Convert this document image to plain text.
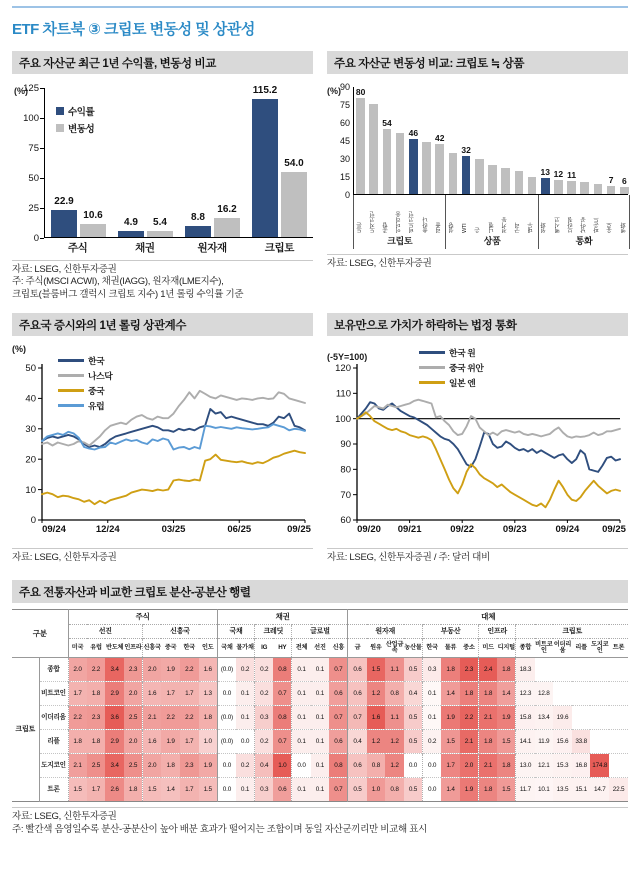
ETF 차트북 ③ 크립토 변동성 및 상관성
주요 자산군 최근 1년 수익률, 변동성 비교
(%)
수익률
변동성
0
25
50
75
100
125
22.9
10.6
4.9 5.4 8.8
16.2
115.2
54.0
주식	채권	원자재	크립토
자료: LSEG, 신한투자증권
주: 주식(MSCI ACWI), 채권(IAGG), 원자재(LME지수),
크립토(블룸버그 갤럭시 크립토 지수) 1년 롤링 수익률 기준
주요 자산군 변동성 비교: 크립토 ≒ 상품
(%)
0
15
30
45
60
75
90 80
54
46 42
32
13 12 11	7 6
트론 도지코인 종합 이더리움 비트코인 솔라나 리플
크립토
설탕 WTI 은 니켈 전기동 구리 대두
상품
원화 멕시코 브라질 남아공 파운드 유로 엔화
통화
자료: LSEG, 신한투자증권
주요국 증시와의 1년 롤링 상관계수
(%)
한국
나스닥
중국
유럽
0
10
20
30
40
50
09/24	12/24	03/25	06/25	09/25
자료: LSEG, 신한투자증권
보유만으로 가치가 하락하는 법정 통화
(-5Y=100)	한국 원
중국 위안
일본 엔
60
70
80
90
100
110
120
09/20 09/21	09/22	09/23	09/24 09/25
자료: LSEG, 신한투자증권 / 주: 달러 대비
주요 전통자산과 비교한 크립토 분산-공분산 행렬
구분		주식								채권							대체														
		선진				신흥국				국채		크레딧		글로벌			원자재				부동산			인프라		크립토					
		미국	유럽	반도체	인프라	신흥국	중국	한국	인도	국채	물가채	IG	HY	전체	선진	신흥	금	원유	산업금속	농산물	한국	물류	중소	미드	디지털	종합	비트코인	이더리움	리플	도지코인	트론
크립토	종합	2.0	2.2	3.4	2.3	2.0	1.9	2.2	1.6	(0.0)	0.2	0.2	0.8	0.1	0.1	0.7	0.6	1.5	1.1	0.5	0.3	1.8	2.3	2.4	1.8	18.3					
	비트코인	1.7	1.8	2.9	2.0	1.6	1.7	1.7	1.3	0.0	0.1	0.2	0.7	0.1	0.1	0.6	0.6	1.2	0.8	0.4	0.1	1.4	1.8	1.8	1.4	12.3	12.8				
	이더리움	2.2	2.3	3.6	2.5	2.1	2.2	2.2	1.8	(0.0)	0.1	0.3	0.8	0.1	0.1	0.7	0.7	1.6	1.1	0.5	0.1	1.9	2.2	2.1	1.9	15.8	13.4	19.6			
	리플	1.8	1.8	2.9	2.0	1.6	1.9	1.7	1.0	(0.0)	0.0	0.2	0.7	0.1	0.1	0.6	0.4	1.2	1.2	0.5	0.2	1.5	2.1	1.8	1.5	14.1	11.9	15.6	33.8		
	도지코인	2.1	2.5	3.4	2.5	2.0	1.8	2.3	1.9	0.0	0.2	0.4	1.0	0.0	0.1	0.8	0.6	0.8	1.2	0.0	0.0	1.7	2.0	2.1	1.8	13.0	12.1	15.3	16.8	174.8	
	트론	1.5	1.7	2.6	1.8	1.5	1.4	1.7	1.5	0.0	0.1	0.3	0.6	0.1	0.1	0.7	0.5	1.0	0.8	0.5	0.0	1.4	1.9	1.8	1.5	11.7	10.1	13.5	15.1	14.7	22.5
자료: LSEG, 신한투자증권
주: 빨간색 음영일수록 분산-공분산이 높아 배분 효과가 떨어지는 조합이며 동일 자산군끼리만 비교해 표시
